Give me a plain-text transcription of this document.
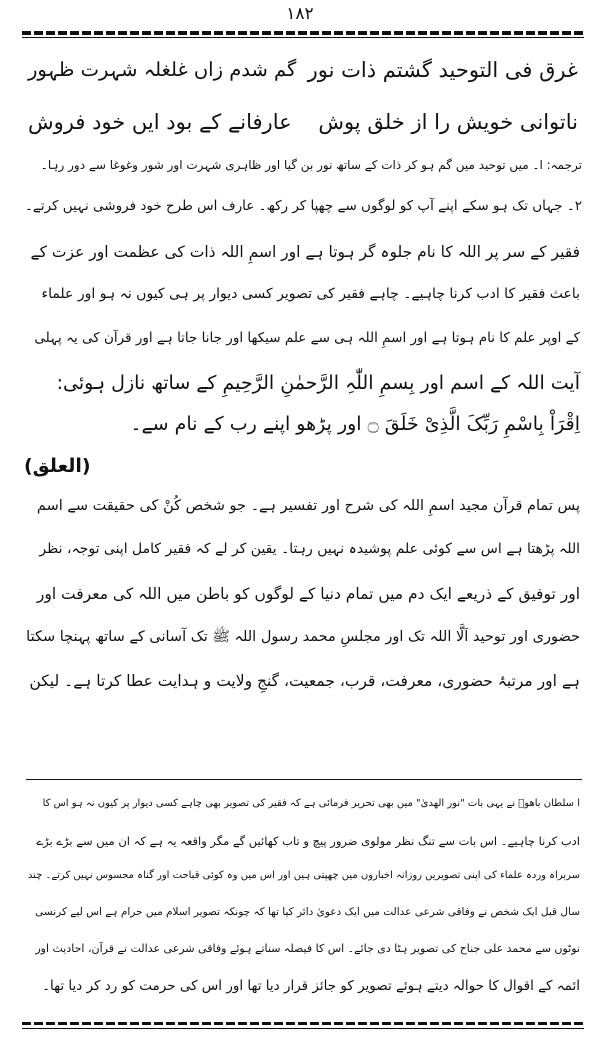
۱۸۲
غرق فی التوحید گشتم ذات نور
گم شدم زاں غلغلہ شہرت ظہور
ناتوانی خویش را از خلق پوش
عارفانے کے بود ایں خود فروش
ترجمہ: ا۔ میں توحید میں گم ہو کر ذات کے ساتھ نور بن گیا اور ظاہری شہرت اور شور وغوغا سے دور رہا۔
۲۔ جہاں تک ہو سکے اپنے آپ کو لوگوں سے چھپا کر رکھ۔ عارف اس طرح خود فروشی نہیں کرتے۔
فقیر کے سر پر اللہ کا نام جلوہ گر ہوتا ہے اور اسمِ اللہ ذات کی عظمت اور عزت کے
باعث فقیر کا ادب کرنا چاہیے۔ چاہے فقیر کی تصویر کسی دیوار پر ہی کیوں نہ ہو اور علماء
کے اوپر علم کا نام ہوتا ہے اور اسمِ اللہ ہی سے علم سیکھا اور جانا جاتا ہے اور قرآن کی یہ پہلی
آیت اللہ کے اسم اور بِسمِ اللّٰہِ الرَّحمٰنِ الرَّحِیمِ کے ساتھ نازل ہوئی:
اِقْرَاْ بِاسْمِ رَبِّکَ الَّذِیْ خَلَقَ ۝ اور پڑھو اپنے رب کے نام سے۔
(العلق)
پس تمام قرآن مجید اسمِ اللہ کی شرح اور تفسیر ہے۔ جو شخص کُنْ کی حقیقت سے اسم
اللہ پڑھتا ہے اس سے کوئی علم پوشیدہ نہیں رہتا۔ یقین کر لے کہ فقیر کامل اپنی توجہ، نظر
اور توفیق کے ذریعے ایک دم میں تمام دنیا کے لوگوں کو باطن میں اللہ کی معرفت اور
حضوری اور توحید اَلَّا اللہ تک اور مجلسِ محمد رسول اللہ ﷺ تک آسانی کے ساتھ پہنچا سکتا
ہے اور مرتبۂ حضوری، معرفت، قرب، جمعیت، گنجِ ولایت و ہدایت عطا کرتا ہے۔ لیکن
ا سلطان باھوؒ نے یہی بات "نور الھدیٰ" میں بھی تحریر فرمائی ہے کہ فقیر کی تصویر بھی چاہے کسی دیوار پر کیوں نہ ہو اس کا
ادب کرنا چاہیے۔ اس بات سے تنگ نظر مولوی ضرور پیچ و تاب کھائیں گے مگر واقعہ یہ ہے کہ ان میں سے بڑے بڑے
سربراہ وردہ علماء کی اپنی تصویریں روزانہ اخباروں میں چھپتی ہیں اور اس میں وہ کوئی قباحت اور گناہ محسوس نہیں کرتے۔ چند
سال قبل ایک شخص نے وفاقی شرعی عدالت میں ایک دعویٰ دائر کیا تھا کہ چونکہ تصویر اسلام میں حرام ہے اس لیے کرنسی
نوٹوں سے محمد علی جناح کی تصویر ہٹا دی جائے۔ اس کا فیصلہ سناتے ہوئے وفاقی شرعی عدالت نے قرآن، احادیث اور
ائمہ کے اقوال کا حوالہ دیتے ہوئے تصویر کو جائز قرار دیا تھا اور اس کی حرمت کو رد کر دیا تھا۔
